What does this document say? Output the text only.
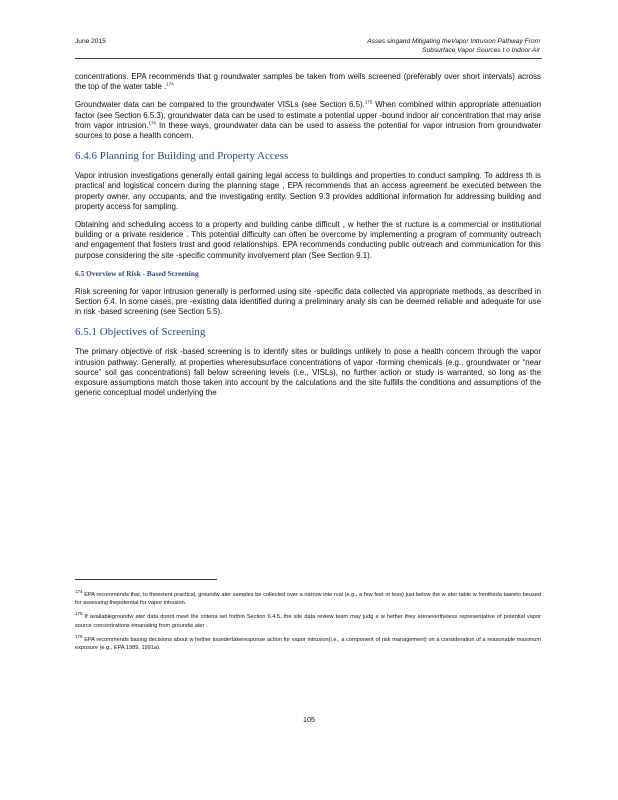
June 2015	Asses singand Mitigating theVapor Intrusion Pathway From
Subsurface Vapor Sources t o Indoor Air

concentrations. EPA recommends that g roundwater samples be taken from wells screened (preferably over short intervals) across the top of the water table .$^{174}$

Groundwater data can be compared to the groundwater VISLs (see Section 6.5).$^{175}$ When combined within appropriate attenuation factor (see Section 6.5.3), groundwater data can be used to estimate a potential upper -bound indoor air concentration that may arise from vapor intrusion.$^{176}$ In these ways, groundwater data can be used to assess the potential for vapor intrusion from groundwater sources to pose a health concern.

6.4.6 Planning for Building and Property Access

Vapor intrusion investigations generally entail gaining legal access to buildings and properties to conduct sampling. To address th is practical and logistical concern during the planning stage , EPA recommends that an access agreement be executed between the property owner, any occupants, and the investigating entity. Section 9.3 provides additional information for addressing building and property access for sampling.

Obtaining and scheduling access to a property and building canbe difficult , w hether the st ructure is a commercial or institutional building or a private residence . This potential difficulty can often be overcome by implementing a program of community outreach and engagement that fosters trust and good relationships. EPA recommends conducting public outreach and communication for this purpose considering the site -specific community involvement plan (See Section 9.1).

6.5 Overview of Risk - Based Screening

Risk screening for vapor intrusion generally is performed using site -specific data collected via appropriate methods, as described in Section 6.4. In some cases, pre -existing data identified during a preliminary analy sis can be deemed reliable and adequate for use in risk -based screening (see Section 5.5).

6.5.1 Objectives of Screening

The primary objective of risk -based screening is to identify sites or buildings unlikely to pose a health concern through the vapor intrusion pathway. Generally, at properties wheresubsurface concentrations of vapor -forming chemicals (e.g., groundwater or “near source” soil gas concentrations) fall below screening levels (i.e., VISLs), no further action or study is warranted, so long as the exposure assumptions match those taken into account by the calculations and the site fulfills the conditions and assumptions of the generic conceptual model underlying the

$^{174}$ EPA recommends that, to theextent practical, groundw ater samples be collected over a narrow inte rval (e.g., a few feet or less) just below the w ater table w hentheda taareto beused for assessing thepotential for vapor intrusion.

$^{175}$ If availablegroundw ater data donot meet the criteria set forthin Section 6.4.5, the site data review team may judg e w hether they arenevertheless representative of potential vapor source concentrations emanating from groundw ater .

$^{176}$ EPA recommends basing decisions about w hether toundertakeresponse action for vapor intrusion(i.e., a component of risk management) on a consideration of a reasonable maximum exposure (e.g., EPA 1989, 1991a).

105
